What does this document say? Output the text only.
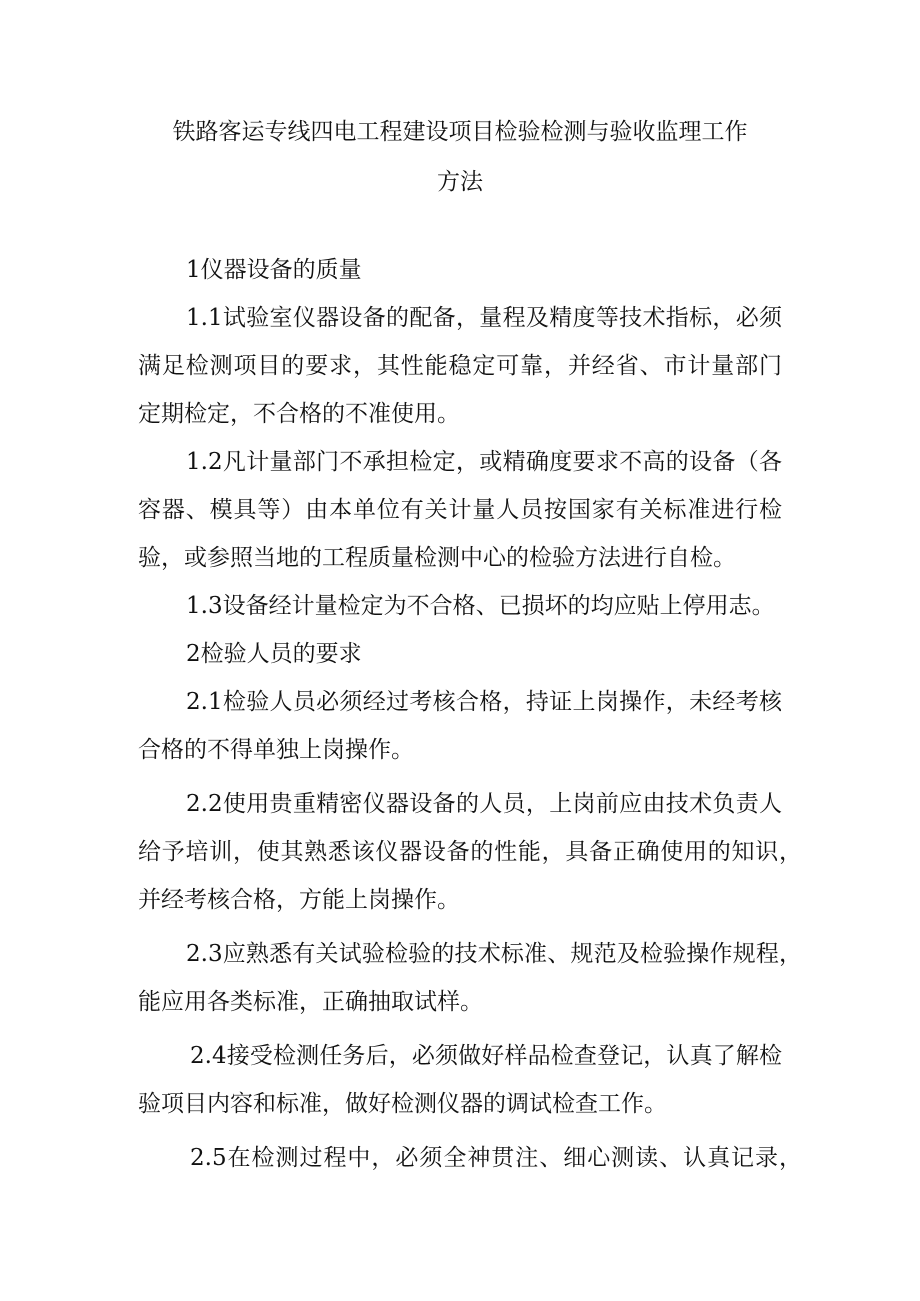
铁路客运专线四电工程建设项目检验检测与验收监理工作
方法
1仪器设备的质量
1.1试验室仪器设备的配备，量程及精度等技术指标，必须
满足检测项目的要求，其性能稳定可靠，并经省、市计量部门
定期检定，不合格的不准使用。
1.2凡计量部门不承担检定，或精确度要求不高的设备（各
容器、模具等）由本单位有关计量人员按国家有关标准进行检
验，或参照当地的工程质量检测中心的检验方法进行自检。
1.3设备经计量检定为不合格、已损坏的均应贴上停用志。
2检验人员的要求
2.1检验人员必须经过考核合格，持证上岗操作，未经考核
合格的不得单独上岗操作。
2.2使用贵重精密仪器设备的人员，上岗前应由技术负责人
给予培训，使其熟悉该仪器设备的性能，具备正确使用的知识，
并经考核合格，方能上岗操作。
2.3应熟悉有关试验检验的技术标准、规范及检验操作规程，
能应用各类标准，正确抽取试样。
2.4接受检测任务后，必须做好样品检查登记，认真了解检
验项目内容和标准，做好检测仪器的调试检查工作。
2.5在检测过程中，必须全神贯注、细心测读、认真记录，
